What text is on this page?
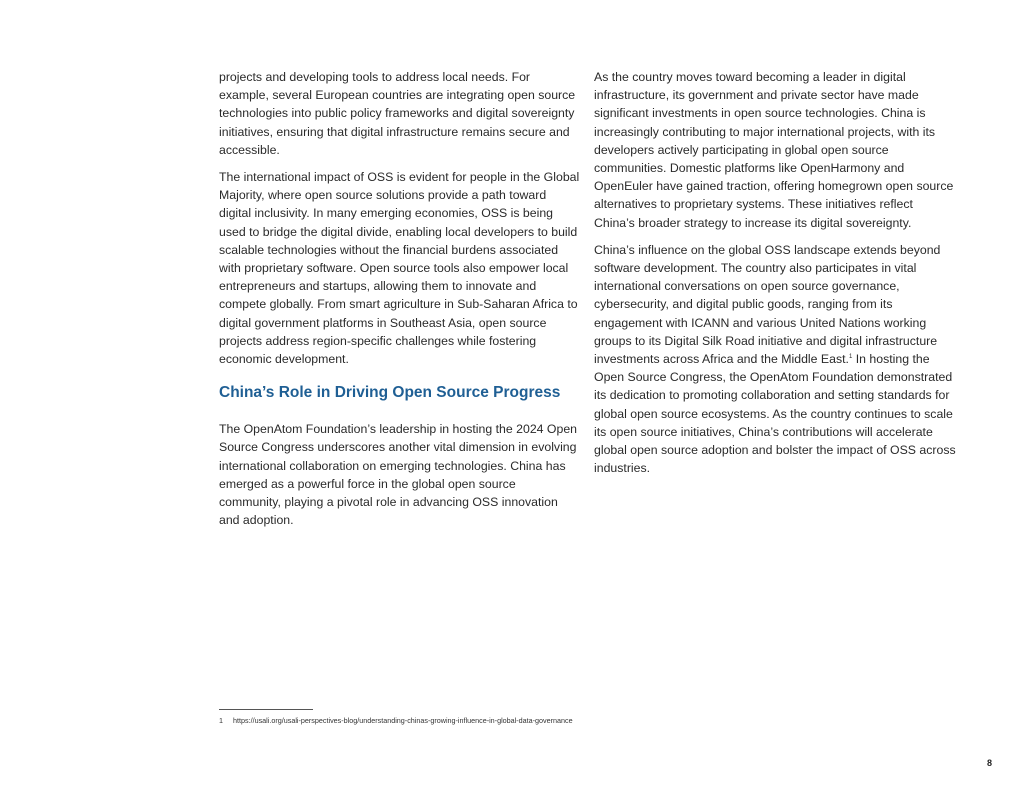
projects and developing tools to address local needs. For example, several European countries are integrating open source technologies into public policy frameworks and digital sovereignty initiatives, ensuring that digital infrastructure remains secure and accessible.

The international impact of OSS is evident for people in the Global Majority, where open source solutions provide a path toward digital inclusivity. In many emerging economies, OSS is being used to bridge the digital divide, enabling local developers to build scalable technologies without the financial burdens associated with proprietary software. Open source tools also empower local entrepreneurs and startups, allowing them to innovate and compete globally. From smart agriculture in Sub-Saharan Africa to digital government platforms in Southeast Asia, open source projects address region-specific challenges while fostering economic development.

China’s Role in Driving Open Source Progress

The OpenAtom Foundation’s leadership in hosting the 2024 Open Source Congress underscores another vital dimension in evolving international collaboration on emerging technologies. China has emerged as a powerful force in the global open source community, playing a pivotal role in advancing OSS innovation and adoption.

As the country moves toward becoming a leader in digital infrastructure, its government and private sector have made significant investments in open source technologies. China is increasingly contributing to major international projects, with its developers actively participating in global open source communities. Domestic platforms like OpenHarmony and OpenEuler have gained traction, offering homegrown open source alternatives to proprietary systems. These initiatives reflect China’s broader strategy to increase its digital sovereignty.

China’s influence on the global OSS landscape extends beyond software development. The country also participates in vital international conversations on open source governance, cybersecurity, and digital public goods, ranging from its engagement with ICANN and various United Nations working groups to its Digital Silk Road initiative and digital infrastructure investments across Africa and the Middle East.$^1$ In hosting the Open Source Congress, the OpenAtom Foundation demonstrated its dedication to promoting collaboration and setting standards for global open source ecosystems. As the country continues to scale its open source initiatives, China’s contributions will accelerate global open source adoption and bolster the impact of OSS across industries.

1 https://usali.org/usali-perspectives-blog/understanding-chinas-growing-influence-in-global-data-governance
8
